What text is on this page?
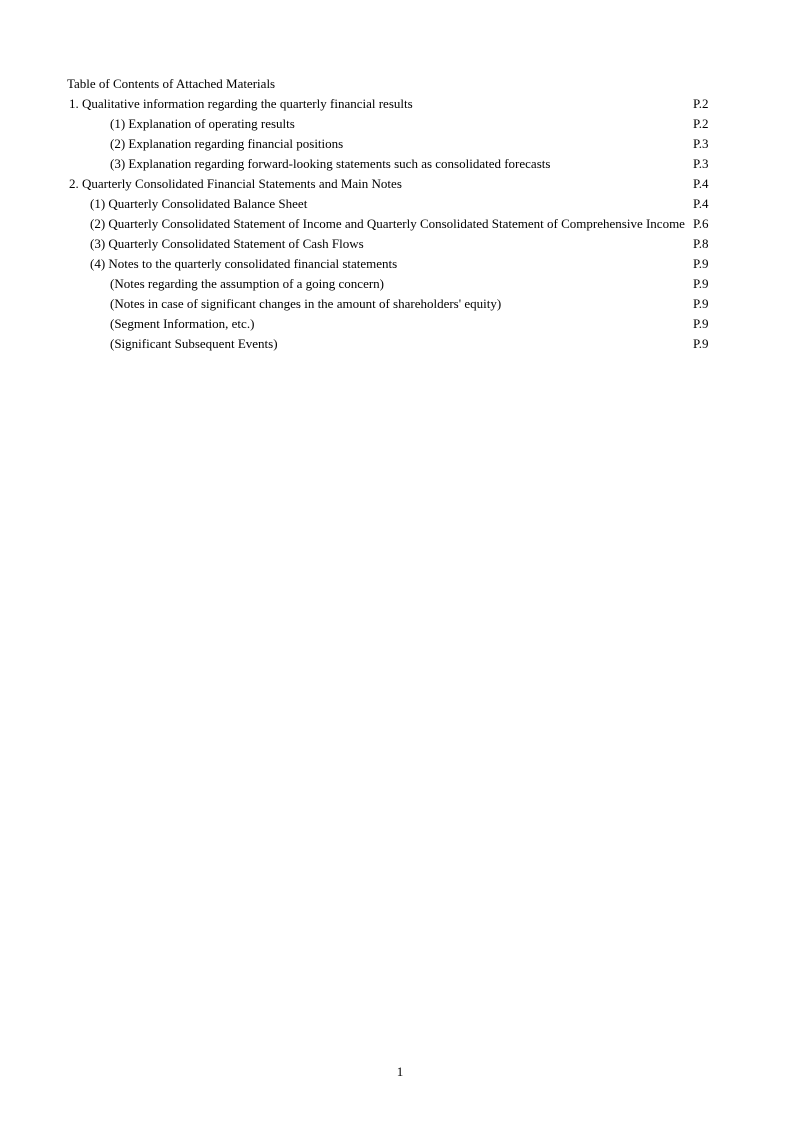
Table of Contents of Attached Materials
1. Qualitative information regarding the quarterly financial results	P.2
(1) Explanation of operating results	P.2
(2) Explanation regarding financial positions	P.3
(3) Explanation regarding forward-looking statements such as consolidated forecasts	P.3
2. Quarterly Consolidated Financial Statements and Main Notes	P.4
(1) Quarterly Consolidated Balance Sheet	P.4
(2) Quarterly Consolidated Statement of Income and Quarterly Consolidated Statement of Comprehensive Income P.6
(3) Quarterly Consolidated Statement of Cash Flows	P.8
(4) Notes to the quarterly consolidated financial statements	P.9
(Notes regarding the assumption of a going concern)	P.9
(Notes in case of significant changes in the amount of shareholders' equity)	P.9
(Segment Information, etc.)	P.9
(Significant Subsequent Events)	P.9
1
